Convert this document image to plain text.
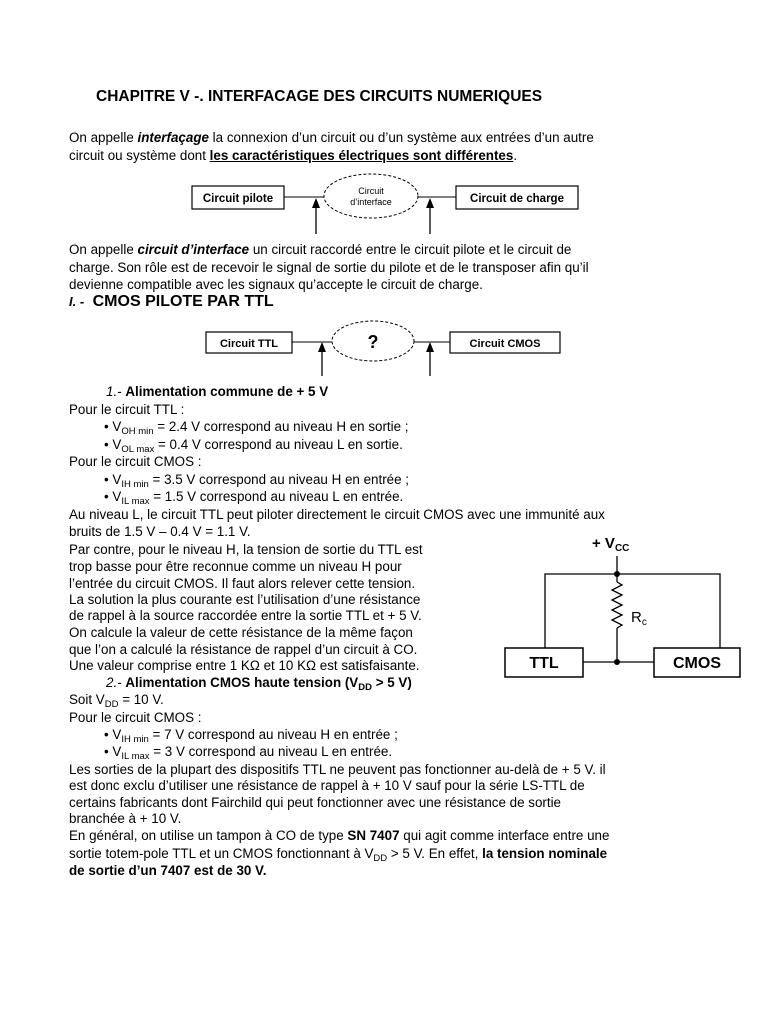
CHAPITRE V -. INTERFACAGE DES CIRCUITS NUMERIQUES
On appelle interfaçage la connexion d’un circuit ou d’un système aux entrées d’un autre
circuit ou système dont les caractéristiques électriques sont différentes.
Circuit pilote
Circuit
d’interface	Circuit de charge
On appelle circuit d’interface un circuit raccordé entre le circuit pilote et le circuit de
charge. Son rôle est de recevoir le signal de sortie du pilote et de le transposer afin qu’il
devienne compatible avec les signaux qu’accepte le circuit de charge.
I. - CMOS PILOTE PAR TTL
Circuit TTL	?	Circuit CMOS
1.- Alimentation commune de + 5 V
Pour le circuit TTL :
• $V_{OH min} = 2.4$ V correspond au niveau H en sortie ;
• $V_{OL max} = 0.4$ V correspond au niveau L en sortie.
Pour le circuit CMOS :
• $V_{IH min} = 3.5$ V correspond au niveau H en entrée ;
• $V_{IL max} = 1.5$ V correspond au niveau L en entrée.
Au niveau L, le circuit TTL peut piloter directement le circuit CMOS avec une immunité aux
bruits de 1.5 V – 0.4 V = 1.1 V.
Par contre, pour le niveau H, la tension de sortie du TTL est
trop basse pour être reconnue comme un niveau H pour
l’entrée du circuit CMOS. Il faut alors relever cette tension.
La solution la plus courante est l’utilisation d’une résistance
de rappel à la source raccordée entre la sortie TTL et + 5 V.
On calcule la valeur de cette résistance de la même façon
que l’on a calculé la résistance de rappel d’un circuit à CO.
Une valeur comprise entre 1 KΩ et 10 KΩ est satisfaisante.
+ $V_{CC}$
$R_c$
TTL	CMOS
2.- Alimentation CMOS haute tension ($V_{DD} > 5$ V)
Soit $V_{DD} = 10$ V.
Pour le circuit CMOS :
• $V_{IH min} = 7$ V correspond au niveau H en entrée ;
• $V_{IL max} = 3$ V correspond au niveau L en entrée.
Les sorties de la plupart des dispositifs TTL ne peuvent pas fonctionner au-delà de + 5 V. il
est donc exclu d’utiliser une résistance de rappel à + 10 V sauf pour la série LS-TTL de
certains fabricants dont Fairchild qui peut fonctionner avec une résistance de sortie
branchée à + 10 V.
En général, on utilise un tampon à CO de type SN 7407 qui agit comme interface entre une
sortie totem-pole TTL et un CMOS fonctionnant à $V_{DD} > 5$ V. En effet, la tension nominale
de sortie d’un 7407 est de 30 V.
